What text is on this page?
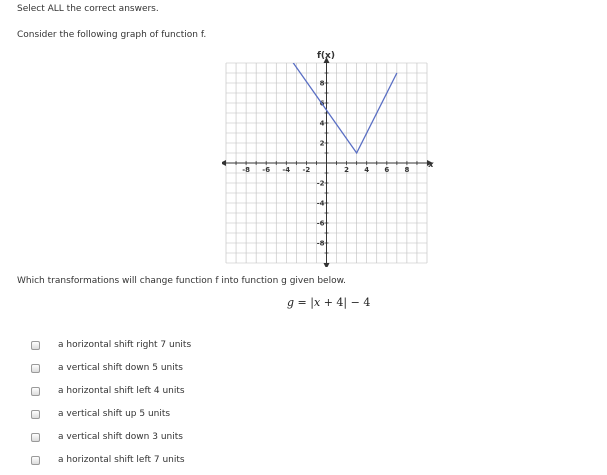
Select ALL the correct answers.
Consider the following graph of function f.
-8 -6 -4 -2	2 4 6 8
8
6
4
2
-2
-4
-6
-8
f(x)
x
Which transformations will change function f into function g given below.
g = |x + 4| − 4
a horizontal shift right 7 units
a vertical shift down 5 units
a horizontal shift left 4 units
a vertical shift up 5 units
a vertical shift down 3 units
a horizontal shift left 7 units
